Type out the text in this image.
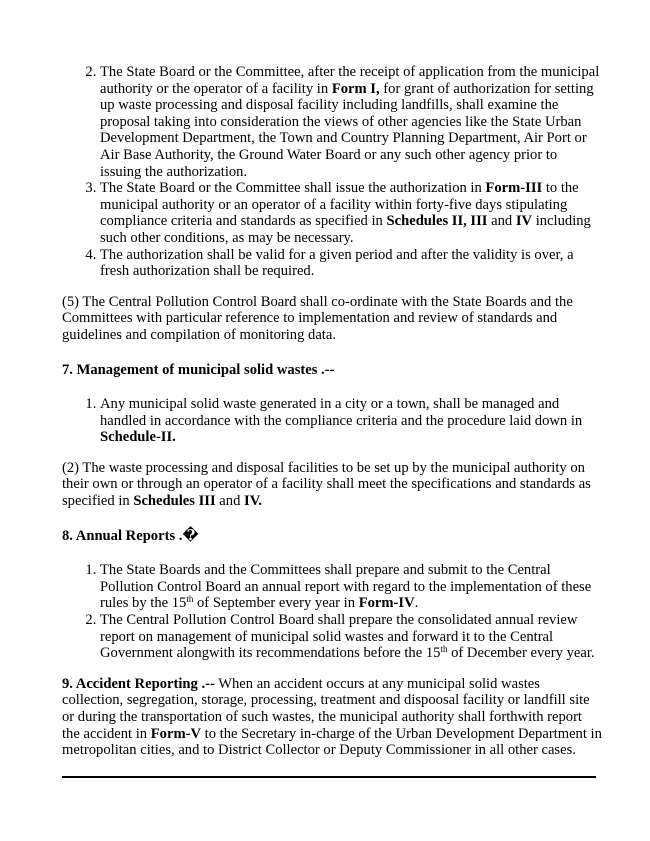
2. The State Board or the Committee, after the receipt of application from the municipal authority or the operator of a facility in Form I, for grant of authorization for setting up waste processing and disposal facility including landfills, shall examine the proposal taking into consideration the views of other agencies like the State Urban Development Department, the Town and Country Planning Department, Air Port or Air Base Authority, the Ground Water Board or any such other agency prior to issuing the authorization.
3. The State Board or the Committee shall issue the authorization in Form-III to the municipal authority or an operator of a facility within forty-five days stipulating compliance criteria and standards as specified in Schedules II, III and IV including such other conditions, as may be necessary.
4. The authorization shall be valid for a given period and after the validity is over, a fresh authorization shall be required.

(5) The Central Pollution Control Board shall co-ordinate with the State Boards and the Committees with particular reference to implementation and review of standards and guidelines and compilation of monitoring data.

7. Management of municipal solid wastes .--
1. Any municipal solid waste generated in a city or a town, shall be managed and handled in accordance with the compliance criteria and the procedure laid down in Schedule-II.

(2) The waste processing and disposal facilities to be set up by the municipal authority on their own or through an operator of a facility shall meet the specifications and standards as specified in Schedules III and IV.

8. Annual Reports .�
1. The State Boards and the Committees shall prepare and submit to the Central Pollution Control Board an annual report with regard to the implementation of these rules by the 15th of September every year in Form-IV.
2. The Central Pollution Control Board shall prepare the consolidated annual review report on management of municipal solid wastes and forward it to the Central Government alongwith its recommendations before the 15th of December every year.

9. Accident Reporting .-- When an accident occurs at any municipal solid wastes collection, segregation, storage, processing, treatment and dispoosal facility or landfill site or during the transportation of such wastes, the municipal authority shall forthwith report the accident in Form-V to the Secretary in-charge of the Urban Development Department in metropolitan cities, and to District Collector or Deputy Commissioner in all other cases.
